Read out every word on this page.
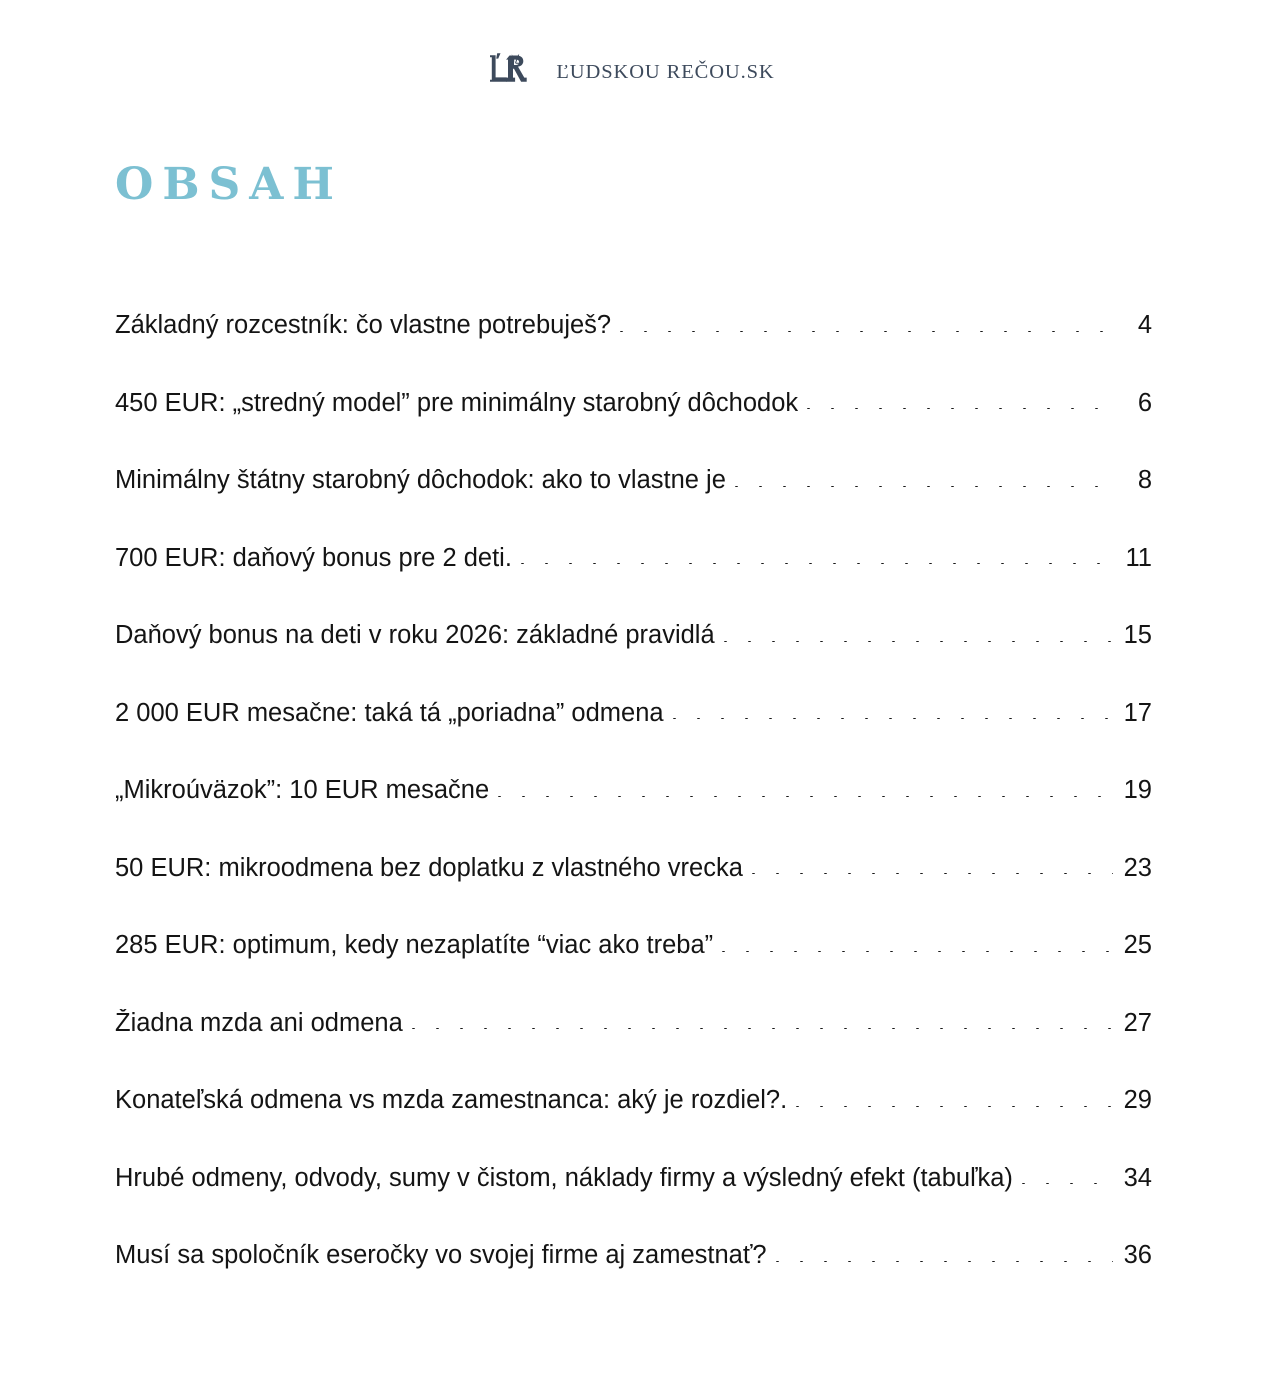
ĽUDSKOU REČOU.SK
OBSAH
Základný rozcestník: čo vlastne potrebuješ?	4
450 EUR: „stredný model” pre minimálny starobný dôchodok	6
Minimálny štátny starobný dôchodok: ako to vlastne je	8
700 EUR: daňový bonus pre 2 deti.	11
Daňový bonus na deti v roku 2026: základné pravidlá	15
2 000 EUR mesačne: taká tá „poriadna” odmena	17
„Mikroúväzok”: 10 EUR mesačne	19
50 EUR: mikroodmena bez doplatku z vlastného vrecka	23
285 EUR: optimum, kedy nezaplatíte “viac ako treba”	25
Žiadna mzda ani odmena	27
Konateľská odmena vs mzda zamestnanca: aký je rozdiel?.	29
Hrubé odmeny, odvody, sumy v čistom, náklady firmy a výsledný efekt (tabuľka)	34
Musí sa spoločník eseročky vo svojej firme aj zamestnať?	36
